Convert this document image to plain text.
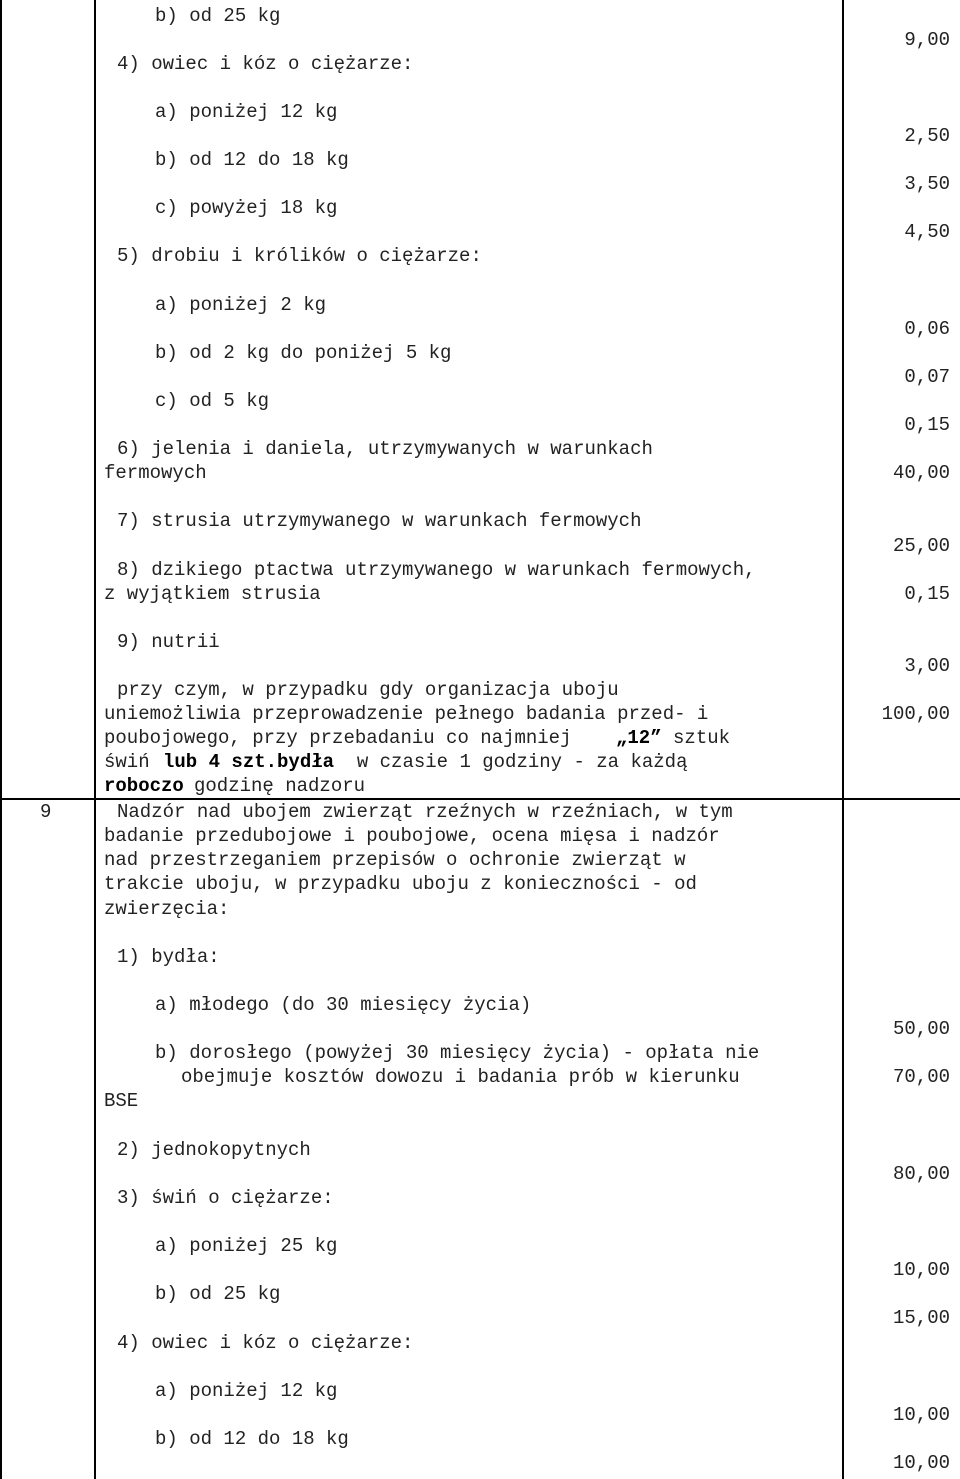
9
b) od 25 kg
4) owiec i kóz o ciężarze:
a) poniżej 12 kg
b) od 12 do 18 kg
c) powyżej 18 kg
5) drobiu i królików o ciężarze:
a) poniżej 2 kg
b) od 2 kg do poniżej 5 kg
c) od 5 kg
6) jelenia i daniela, utrzymywanych w warunkach
fermowych
7) strusia utrzymywanego w warunkach fermowych
8) dzikiego ptactwa utrzymywanego w warunkach fermowych,
z wyjątkiem strusia
9) nutrii
przy czym, w przypadku gdy organizacja uboju
uniemożliwia przeprowadzenie pełnego badania przed- i
poubojowego, przy przebadaniu co najmniej
świń
roboczo
Nadzór nad ubojem zwierząt rzeźnych w rzeźniach, w tym
badanie przedubojowe i poubojowe, ocena mięsa i nadzór
nad przestrzeganiem przepisów o ochronie zwierząt w
trakcie uboju, w przypadku uboju z konieczności - od
zwierzęcia:
1) bydła:
a) młodego (do 30 miesięcy życia)
b) dorosłego (powyżej 30 miesięcy życia) - opłata nie
obejmuje kosztów dowozu i badania prób w kierunku
BSE
2) jednokopytnych
3) świń o ciężarze:
a) poniżej 25 kg
b) od 25 kg
4) owiec i kóz o ciężarze:
a) poniżej 12 kg
b) od 12 do 18 kg
„12” sztuk
lub 4 szt.bydła  w czasie 1 godziny - za każdą
godzinę nadzoru
9,00
2,50
3,50
4,50
0,06
0,07
0,15
40,00
25,00
0,15
3,00
100,00
50,00
70,00
80,00
10,00
15,00
10,00
10,00
